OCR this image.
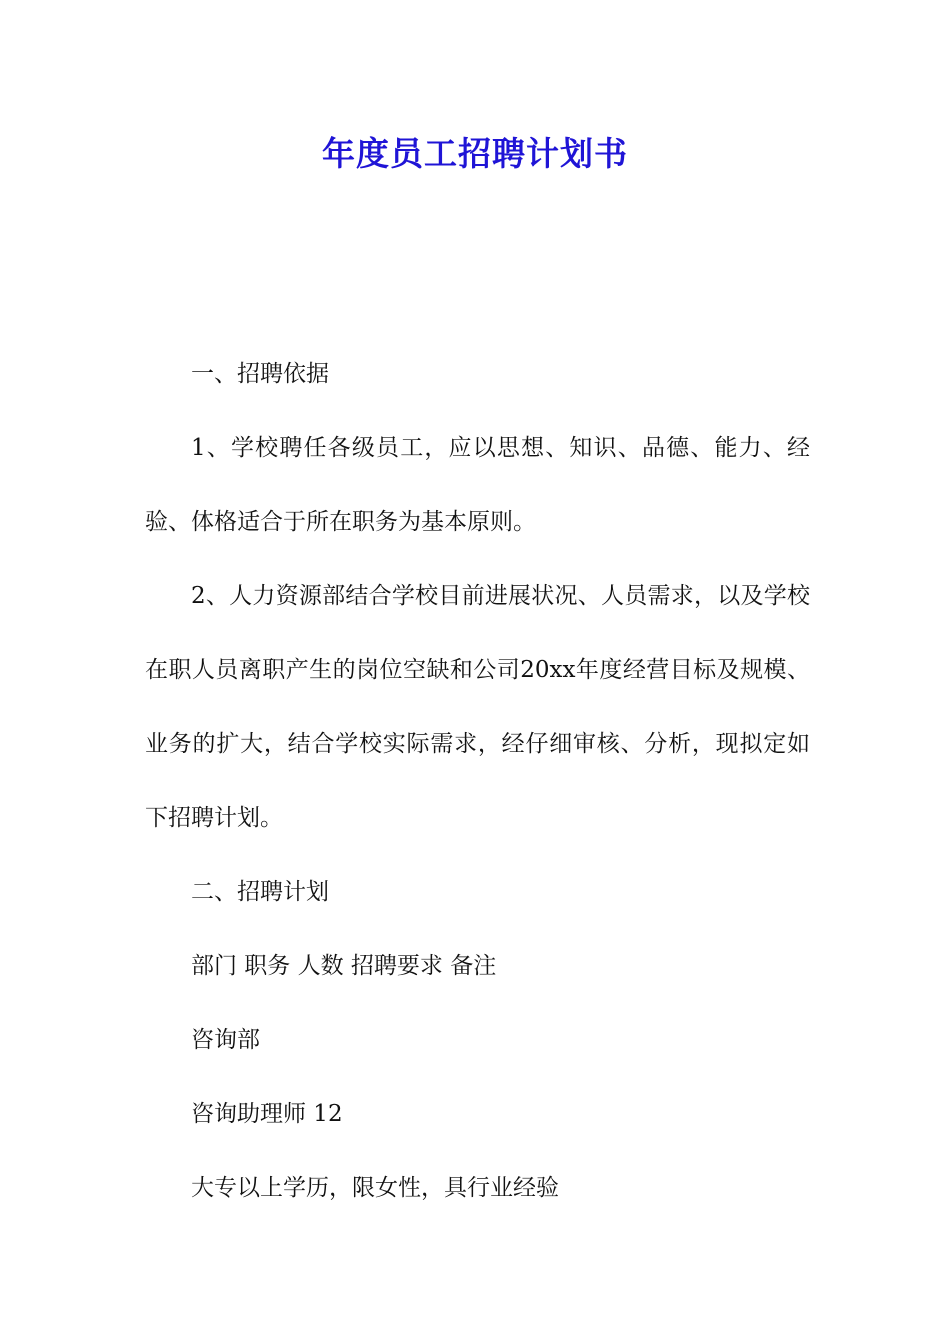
年度员工招聘计划书

一、招聘依据

1、学校聘任各级员工，应以思想、知识、品德、能力、经验、体格适合于所在职务为基本原则。

2、人力资源部结合学校目前进展状况、人员需求，以及学校在职人员离职产生的岗位空缺和公司20xx年度经营目标及规模、业务的扩大，结合学校实际需求，经仔细审核、分析，现拟定如下招聘计划。

二、招聘计划

部门 职务 人数 招聘要求 备注

咨询部

咨询助理师 12

大专以上学历，限女性，具行业经验
